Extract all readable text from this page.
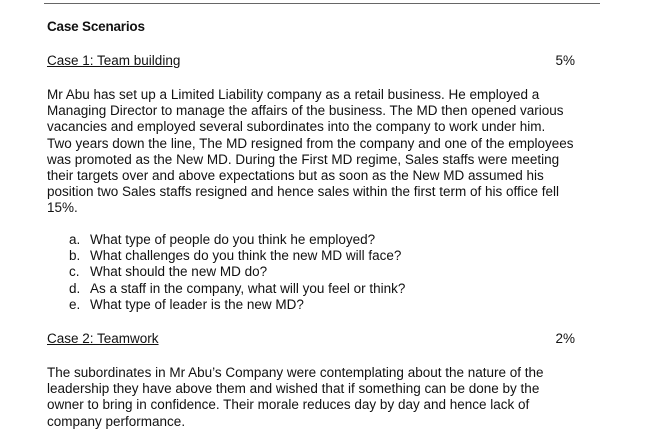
Case Scenarios
Case 1: Team building	5%
Mr Abu has set up a Limited Liability company as a retail business. He employed a
Managing Director to manage the affairs of the business. The MD then opened various
vacancies and employed several subordinates into the company to work under him.
Two years down the line, The MD resigned from the company and one of the employees
was promoted as the New MD. During the First MD regime, Sales staffs were meeting
their targets over and above expectations but as soon as the New MD assumed his
position two Sales staffs resigned and hence sales within the first term of his office fell
15%.
a. What type of people do you think he employed?
b. What challenges do you think the new MD will face?
c. What should the new MD do?
d. As a staff in the company, what will you feel or think?
e. What type of leader is the new MD?
Case 2: Teamwork	2%
The subordinates in Mr Abu’s Company were contemplating about the nature of the
leadership they have above them and wished that if something can be done by the
owner to bring in confidence. Their morale reduces day by day and hence lack of
company performance.
